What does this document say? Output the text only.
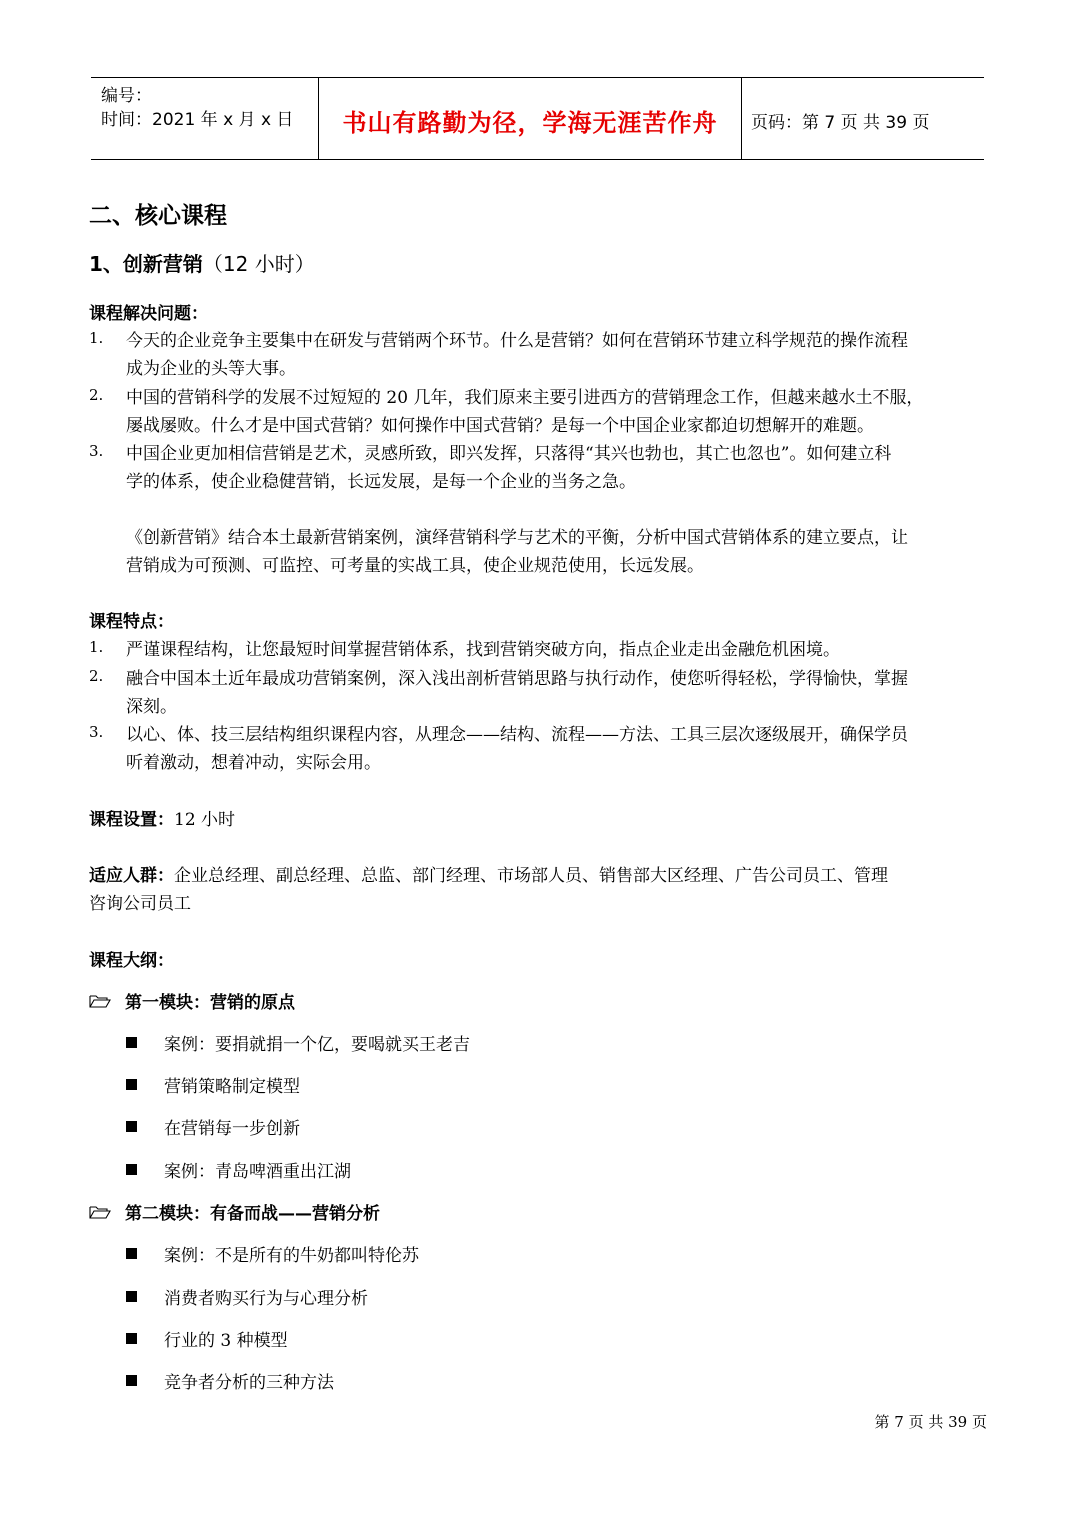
编号：
时间：2021 年 x 月 x 日	书山有路勤为径，学海无涯苦作舟	页码：第 7 页 共 39 页
二、核心课程
1、创新营销（12 小时）
课程解决问题：
1. 今天的企业竞争主要集中在研发与营销两个环节。什么是营销？如何在营销环节建立科学规范的操作流程
成为企业的头等大事。
2. 中国的营销科学的发展不过短短的 20 几年，我们原来主要引进西方的营销理念工作，但越来越水土不服，
屡战屡败。什么才是中国式营销？如何操作中国式营销？是每一个中国企业家都迫切想解开的难题。
3. 中国企业更加相信营销是艺术，灵感所致，即兴发挥，只落得“其兴也勃也，其亡也忽也”。如何建立科
学的体系，使企业稳健营销，长远发展，是每一个企业的当务之急。
《创新营销》结合本土最新营销案例，演绎营销科学与艺术的平衡，分析中国式营销体系的建立要点，让
营销成为可预测、可监控、可考量的实战工具，使企业规范使用，长远发展。
课程特点：
1. 严谨课程结构，让您最短时间掌握营销体系，找到营销突破方向，指点企业走出金融危机困境。
2. 融合中国本土近年最成功营销案例，深入浅出剖析营销思路与执行动作，使您听得轻松，学得愉快，掌握
深刻。
3. 以心、体、技三层结构组织课程内容，从理念——结构、流程——方法、工具三层次逐级展开，确保学员
听着激动，想着冲动，实际会用。
课程设置：12 小时
适应人群：企业总经理、副总经理、总监、部门经理、市场部人员、销售部大区经理、广告公司员工、管理
咨询公司员工
课程大纲：
第一模块：营销的原点
案例：要捐就捐一个亿，要喝就买王老吉
营销策略制定模型
在营销每一步创新
案例：青岛啤酒重出江湖
第二模块：有备而战——营销分析
案例：不是所有的牛奶都叫特伦苏
消费者购买行为与心理分析
行业的 3 种模型
竞争者分析的三种方法
第 7 页 共 39 页
